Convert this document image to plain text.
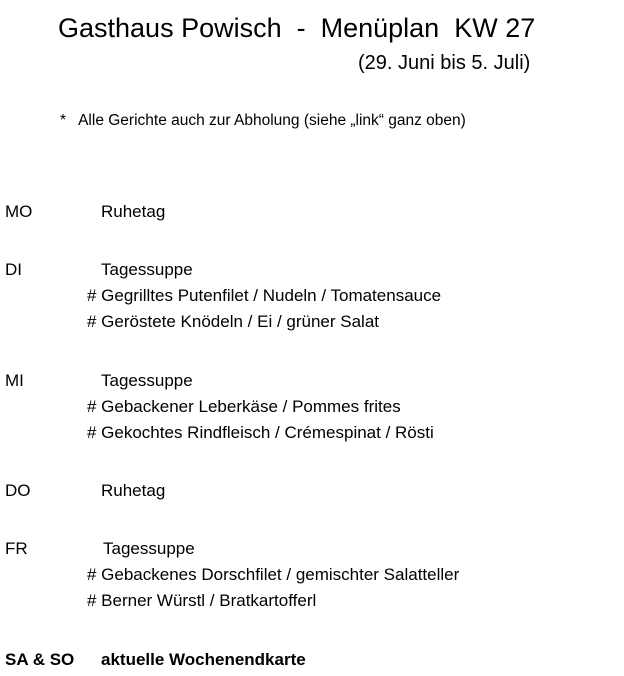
Gasthaus Powisch  -  Menüplan  KW 27
(29. Juni bis 5. Juli)
*   Alle Gerichte auch zur Abholung (siehe „link“ ganz oben)
MO	Ruhetag
DI	Tagessuppe
# Gegrilltes Putenfilet / Nudeln / Tomatensauce
# Geröstete Knödeln / Ei / grüner Salat
MI	Tagessuppe
# Gebackener Leberkäse / Pommes frites
# Gekochtes Rindfleisch / Crémespinat / Rösti
DO	Ruhetag
FR	Tagessuppe
# Gebackenes Dorschfilet / gemischter Salatteller
# Berner Würstl / Bratkartofferl
SA & SO aktuelle Wochenendkarte
